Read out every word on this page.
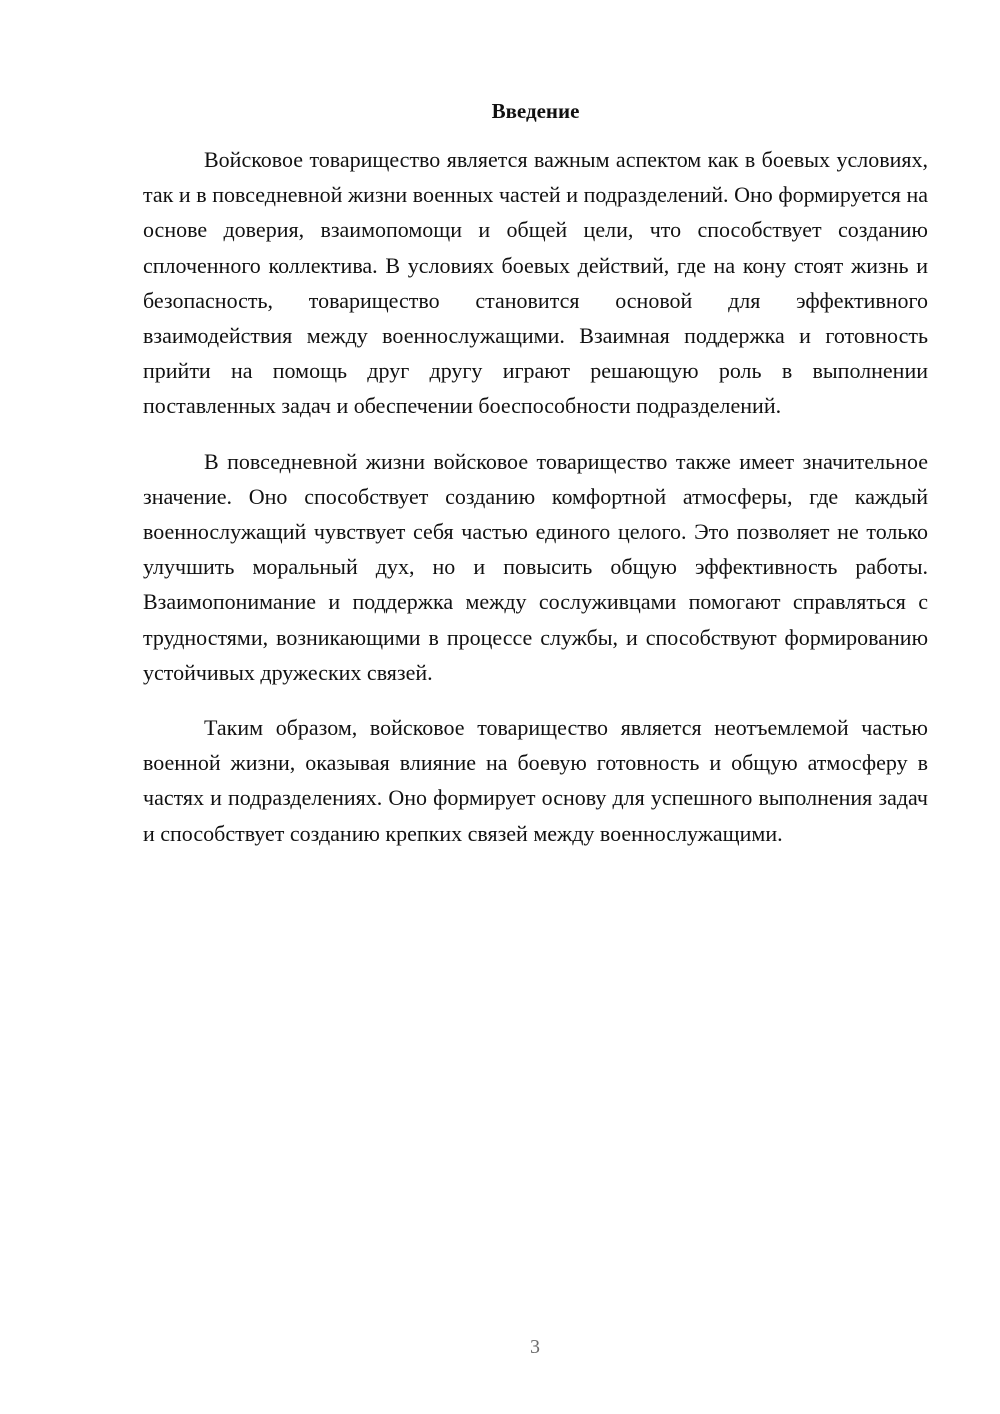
Введение

Войсковое товарищество является важным аспектом как в боевых условиях, так и в повседневной жизни военных частей и подразделений. Оно формируется на основе доверия, взаимопомощи и общей цели, что способствует созданию сплоченного коллектива. В условиях боевых действий, где на кону стоят жизнь и безопасность, товарищество становится основой для эффективного взаимодействия между военнослужащими. Взаимная поддержка и готовность прийти на помощь друг другу играют решающую роль в выполнении поставленных задач и обеспечении боеспособности подразделений.

В повседневной жизни войсковое товарищество также имеет значительное значение. Оно способствует созданию комфортной атмосферы, где каждый военнослужащий чувствует себя частью единого целого. Это позволяет не только улучшить моральный дух, но и повысить общую эффективность работы. Взаимопонимание и поддержка между сослуживцами помогают справляться с трудностями, возникающими в процессе службы, и способствуют формированию устойчивых дружеских связей.

Таким образом, войсковое товарищество является неотъемлемой частью военной жизни, оказывая влияние на боевую готовность и общую атмосферу в частях и подразделениях. Оно формирует основу для успешного выполнения задач и способствует созданию крепких связей между военнослужащими.

3
